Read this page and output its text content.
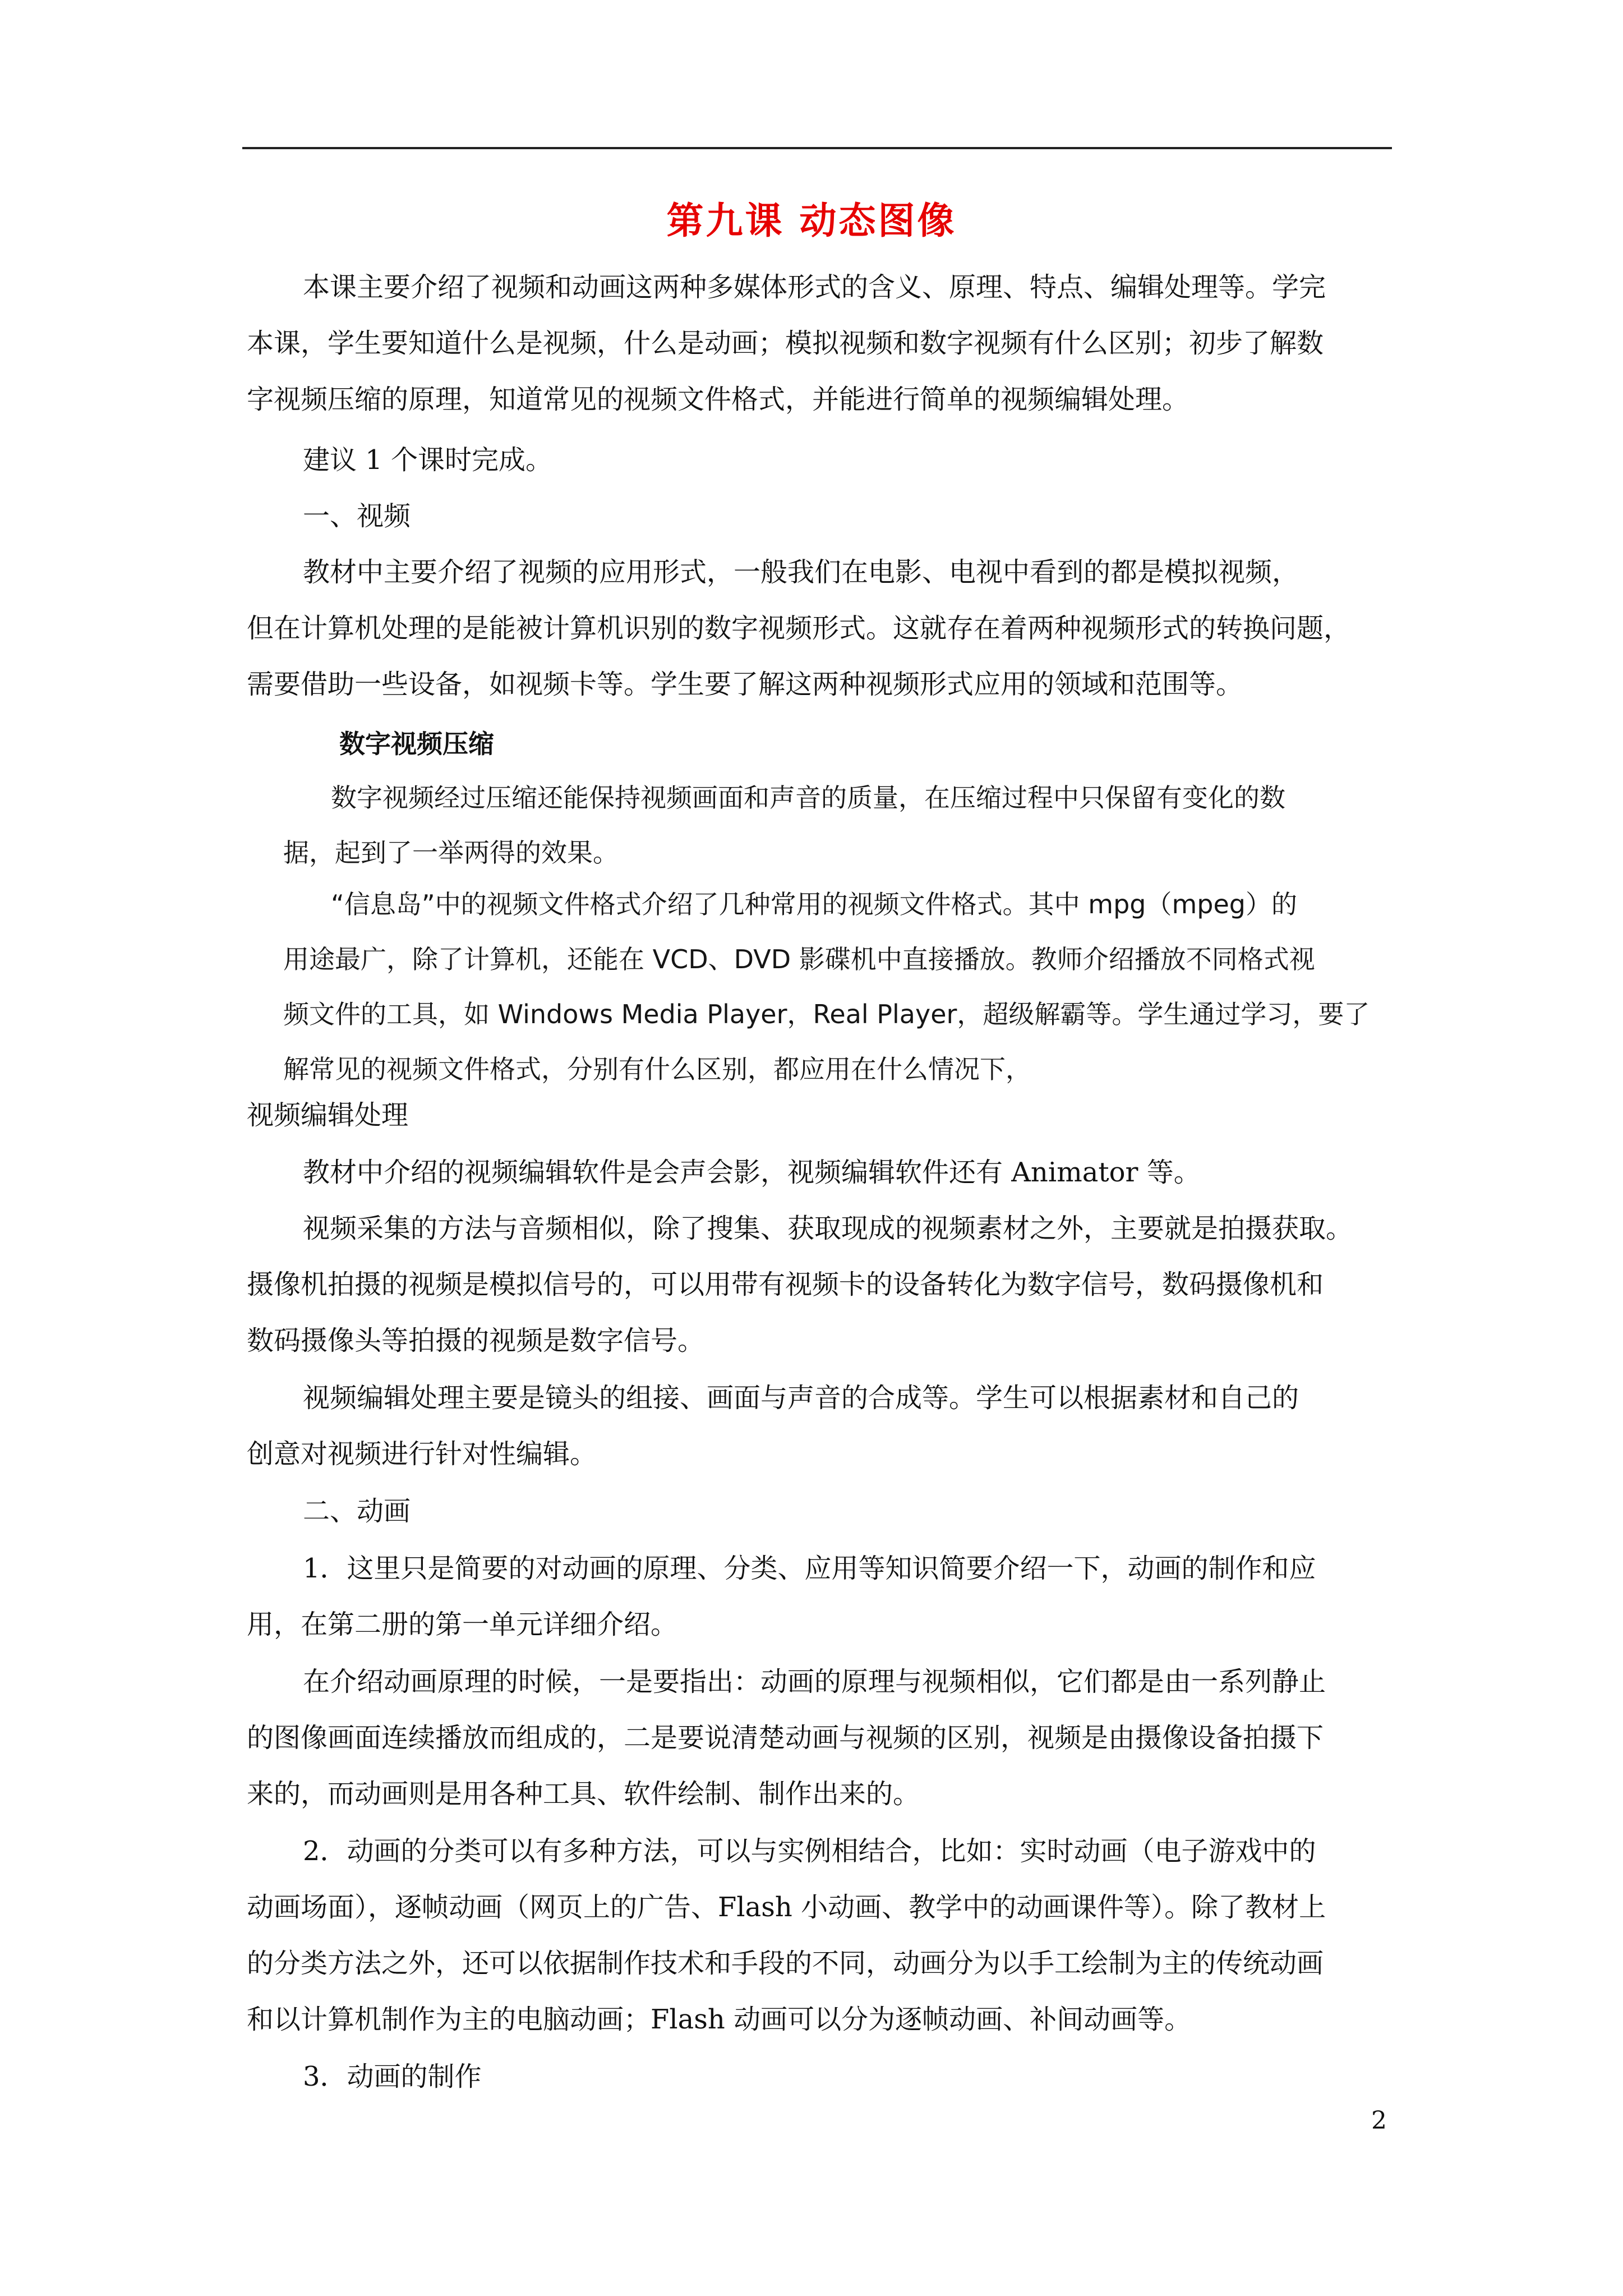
第九课 动态图像
本课主要介绍了视频和动画这两种多媒体形式的含义、原理、特点、编辑处理等。学完
本课，学生要知道什么是视频，什么是动画；模拟视频和数字视频有什么区别；初步了解数
字视频压缩的原理，知道常见的视频文件格式，并能进行简单的视频编辑处理。
建议 1 个课时完成。
一、视频
教材中主要介绍了视频的应用形式，一般我们在电影、电视中看到的都是模拟视频，
但在计算机处理的是能被计算机识别的数字视频形式。这就存在着两种视频形式的转换问题，
需要借助一些设备，如视频卡等。学生要了解这两种视频形式应用的领域和范围等。
数字视频压缩
数字视频经过压缩还能保持视频画面和声音的质量，在压缩过程中只保留有变化的数
据，起到了一举两得的效果。
“信息岛”中的视频文件格式介绍了几种常用的视频文件格式。其中 mpg（mpeg）的
用途最广，除了计算机，还能在 VCD、DVD 影碟机中直接播放。教师介绍播放不同格式视
频文件的工具，如 Windows Media Player，Real Player，超级解霸等。学生通过学习，要了
解常见的视频文件格式，分别有什么区别，都应用在什么情况下，
视频编辑处理
教材中介绍的视频编辑软件是会声会影，视频编辑软件还有 Animator 等。
视频采集的方法与音频相似，除了搜集、获取现成的视频素材之外，主要就是拍摄获取。
摄像机拍摄的视频是模拟信号的，可以用带有视频卡的设备转化为数字信号，数码摄像机和
数码摄像头等拍摄的视频是数字信号。
视频编辑处理主要是镜头的组接、画面与声音的合成等。学生可以根据素材和自己的
创意对视频进行针对性编辑。
二、动画
1．这里只是简要的对动画的原理、分类、应用等知识简要介绍一下，动画的制作和应
用，在第二册的第一单元详细介绍。
在介绍动画原理的时候，一是要指出：动画的原理与视频相似，它们都是由一系列静止
的图像画面连续播放而组成的，二是要说清楚动画与视频的区别，视频是由摄像设备拍摄下
来的，而动画则是用各种工具、软件绘制、制作出来的。
2．动画的分类可以有多种方法，可以与实例相结合，比如：实时动画（电子游戏中的
动画场面），逐帧动画（网页上的广告、Flash 小动画、教学中的动画课件等）。除了教材上
的分类方法之外，还可以依据制作技术和手段的不同，动画分为以手工绘制为主的传统动画
和以计算机制作为主的电脑动画；Flash 动画可以分为逐帧动画、补间动画等。
3．动画的制作
2
